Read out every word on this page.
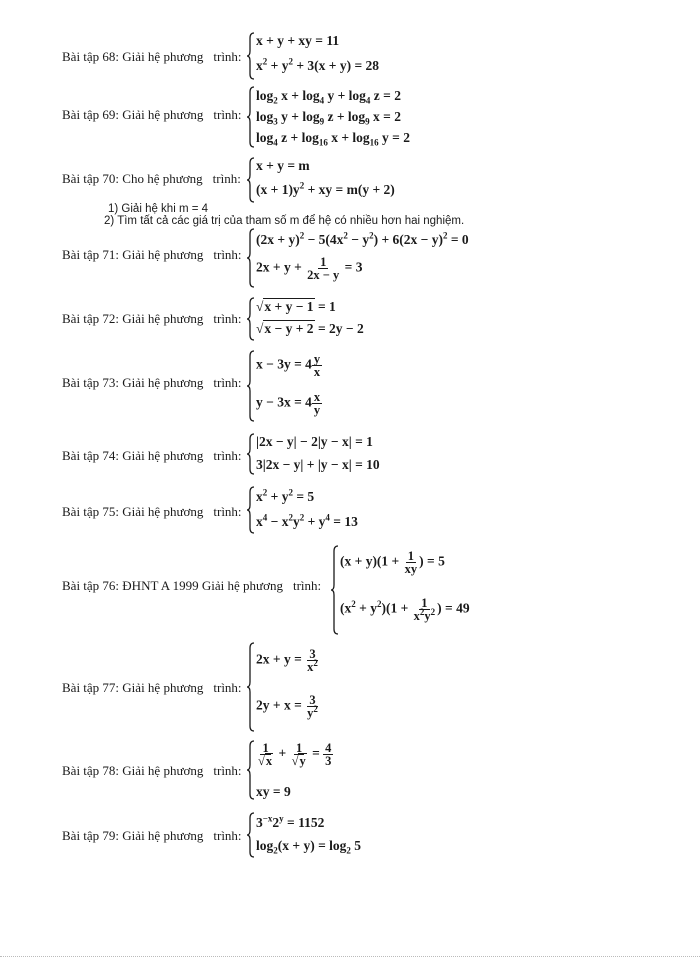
Bài tập 68: Giải hệ phương trình:
x + y + xy = 11
$x^2 + y^2 + 3(x + y) = 28$
Bài tập 69: Giải hệ phương trình:
$\log_2 x + \log_4 y + \log_4 z = 2$
$\log_3 y + \log_9 z + \log_9 x = 2$
$\log_4 z + \log_{16} x + \log_{16} y = 2$
Bài tập 70: Cho hệ phương trình:
x + y = m
$(x + 1)y^2$ + xy = m(y + 2)
1) Giải hệ khi m = 4
2) Tìm tất cả các giá trị của tham số m để hệ có nhiều hơn hai nghiệm.
Bài tập 71: Giải hệ phương trình:
$(2x + y)^2 - 5(4x^2 - y^2) + 6(2x - y)^2 = 0$
$2x + y + \frac{1}{2x - y} = 3$
Bài tập 72: Giải hệ phương trình:
√x + y − 1 = 1
√x − y + 2 = 2y − 2
Bài tập 73: Giải hệ phương trình:
$x - 3y = 4 \frac{y}{x}$
$y - 3x = 4 \frac{x}{y}$
Bài tập 74: Giải hệ phương trình:
|2x − y| − 2|y − x| = 1
3|2x − y| + |y − x| = 10
Bài tập 75: Giải hệ phương trình:
$x^2 + y^2 = 5$
$x^4 - x^2y^2 + y^4 = 13$
Bài tập 76: ĐHNT A 1999 Giải hệ phương trình:
$(x + y)(1 + \frac{1}{xy}$ ) = 5
$(x^2 + y^2)(1 + \frac{1}{x^2y^2}$ ) = 49
Bài tập 77: Giải hệ phương trình:
$2x + y = \frac{3}{x^2}$
$2y + x = \frac{3}{y^2}$
Bài tập 78: Giải hệ phương trình:
$\frac{1}{√x} + \frac{1}{√y} = \frac{4}{3}$
xy = 9
Bài tập 79: Giải hệ phương trình:
$3^{-x}2^y = 1152$
$\log_2(x + y) = \log_2 5$
